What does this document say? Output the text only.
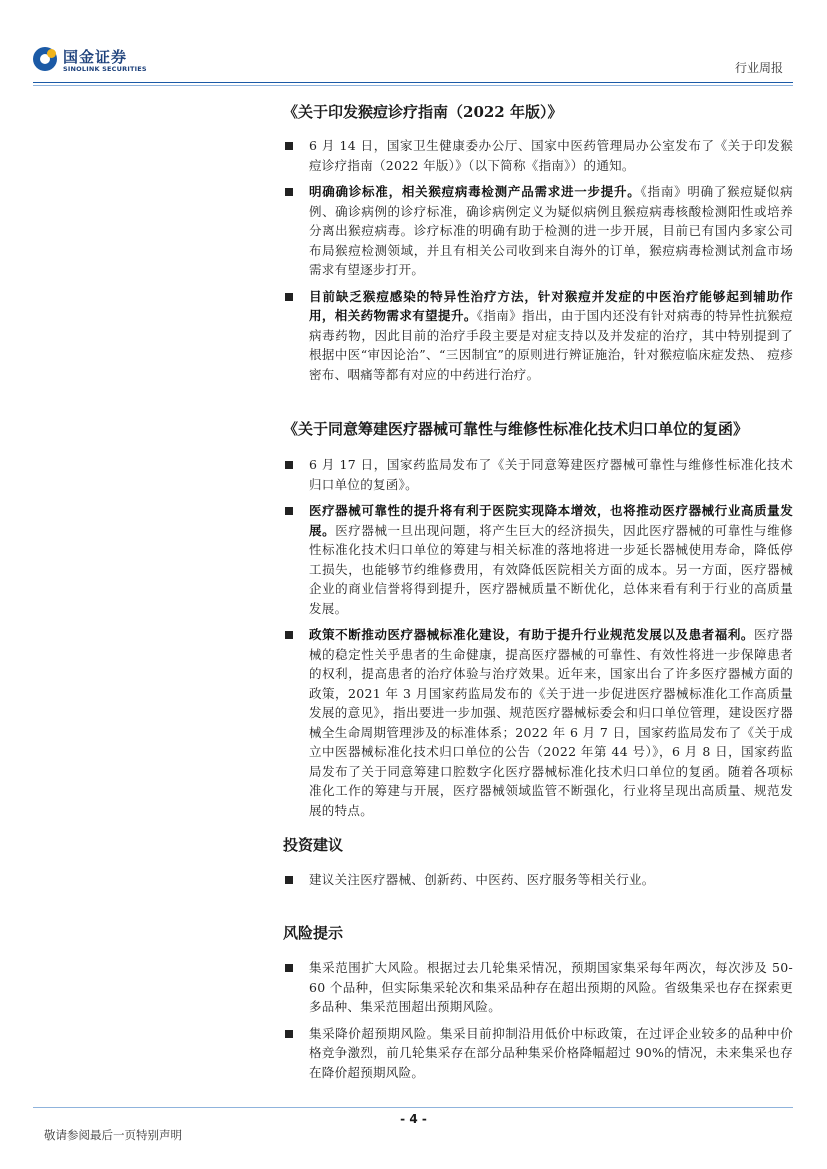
国金证券
SINOLINK SECURITIES	行业周报
《关于印发猴痘诊疗指南（2022 年版）》
6 月 14 日，国家卫生健康委办公厅、国家中医药管理局办公室发布了《关于印发猴痘诊疗指南（2022 年版）》（以下简称《指南》）的通知。
明确确诊标准，相关猴痘病毒检测产品需求进一步提升。《指南》明确了猴痘疑似病例、确诊病例的诊疗标准，确诊病例定义为疑似病例且猴痘病毒核酸检测阳性或培养分离出猴痘病毒。诊疗标准的明确有助于检测的进一步开展，目前已有国内多家公司布局猴痘检测领域，并且有相关公司收到来自海外的订单，猴痘病毒检测试剂盒市场需求有望逐步打开。
目前缺乏猴痘感染的特异性治疗方法，针对猴痘并发症的中医治疗能够起到辅助作用，相关药物需求有望提升。《指南》指出，由于国内还没有针对病毒的特异性抗猴痘病毒药物，因此目前的治疗手段主要是对症支持以及并发症的治疗，其中特别提到了根据中医“审因论治”、“三因制宜”的原则进行辨证施治，针对猴痘临床症发热、 痘疹密布、咽痛等都有对应的中药进行治疗。
《关于同意筹建医疗器械可靠性与维修性标准化技术归口单位的复函》
6 月 17 日，国家药监局发布了《关于同意筹建医疗器械可靠性与维修性标准化技术归口单位的复函》。
医疗器械可靠性的提升将有利于医院实现降本增效，也将推动医疗器械行业高质量发展。医疗器械一旦出现问题，将产生巨大的经济损失，因此医疗器械的可靠性与维修性标准化技术归口单位的筹建与相关标准的落地将进一步延长器械使用寿命，降低停工损失，也能够节约维修费用，有效降低医院相关方面的成本。另一方面，医疗器械企业的商业信誉将得到提升，医疗器械质量不断优化，总体来看有利于行业的高质量发展。
政策不断推动医疗器械标准化建设，有助于提升行业规范发展以及患者福利。医疗器械的稳定性关乎患者的生命健康，提高医疗器械的可靠性、有效性将进一步保障患者的权利，提高患者的治疗体验与治疗效果。近年来，国家出台了许多医疗器械方面的政策，2021 年 3 月国家药监局发布的《关于进一步促进医疗器械标准化工作高质量发展的意见》，指出要进一步加强、规范医疗器械标委会和归口单位管理，建设医疗器械全生命周期管理涉及的标准体系；2022 年 6 月 7 日，国家药监局发布了《关于成立中医器械标准化技术归口单位的公告（2022 年第 44 号）》，6 月 8 日，国家药监局发布了关于同意筹建口腔数字化医疗器械标准化技术归口单位的复函。随着各项标准化工作的筹建与开展，医疗器械领域监管不断强化，行业将呈现出高质量、规范发展的特点。
投资建议
建议关注医疗器械、创新药、中医药、医疗服务等相关行业。
风险提示
集采范围扩大风险。根据过去几轮集采情况，预期国家集采每年两次，每次涉及 50-60 个品种，但实际集采轮次和集采品种存在超出预期的风险。省级集采也存在探索更多品种、集采范围超出预期风险。
集采降价超预期风险。集采目前抑制沿用低价中标政策，在过评企业较多的品种中价格竞争激烈，前几轮集采存在部分品种集采价格降幅超过 90%的情况，未来集采也存在降价超预期风险。
- 4 -
敬请参阅最后一页特别声明
